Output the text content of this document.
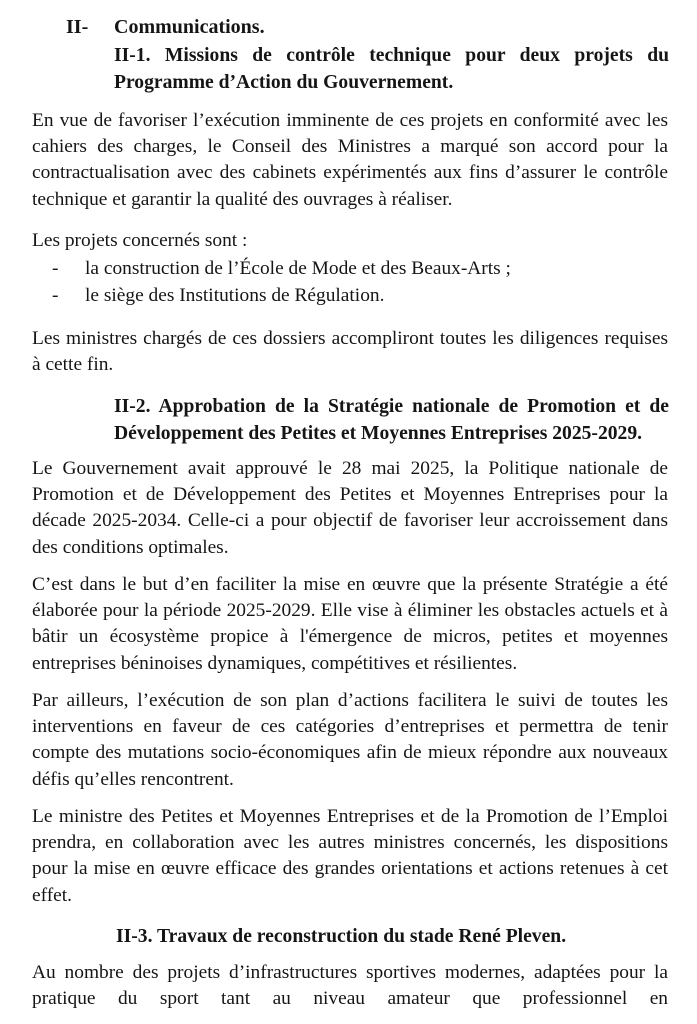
II- Communications.
II-1. Missions de contrôle technique pour deux projets du
Programme d’Action du Gouvernement.

En vue de favoriser l’exécution imminente de ces projets en conformité avec les cahiers des charges, le Conseil des Ministres a marqué son accord pour la contractualisation avec des cabinets expérimentés aux fins d’assurer le contrôle technique et garantir la qualité des ouvrages à réaliser.

Les projets concernés sont :

- la construction de l’École de Mode et des Beaux-Arts ;
- le siège des Institutions de Régulation.

Les ministres chargés de ces dossiers accompliront toutes les diligences requises à cette fin.

II-2. Approbation de la Stratégie nationale de Promotion et de
Développement des Petites et Moyennes Entreprises 2025-2029.

Le Gouvernement avait approuvé le 28 mai 2025, la Politique nationale de Promotion et de Développement des Petites et Moyennes Entreprises pour la décade 2025-2034. Celle-ci a pour objectif de favoriser leur accroissement dans des conditions optimales.

C’est dans le but d’en faciliter la mise en œuvre que la présente Stratégie a été élaborée pour la période 2025-2029. Elle vise à éliminer les obstacles actuels et à bâtir un écosystème propice à l'émergence de micros, petites et moyennes entreprises béninoises dynamiques, compétitives et résilientes.

Par ailleurs, l’exécution de son plan d’actions facilitera le suivi de toutes les interventions en faveur de ces catégories d’entreprises et permettra de tenir compte des mutations socio-économiques afin de mieux répondre aux nouveaux défis qu’elles rencontrent.

Le ministre des Petites et Moyennes Entreprises et de la Promotion de l’Emploi prendra, en collaboration avec les autres ministres concernés, les dispositions pour la mise en œuvre efficace des grandes orientations et actions retenues à cet effet.

II-3. Travaux de reconstruction du stade René Pleven.

Au nombre des projets d’infrastructures sportives modernes, adaptées pour la pratique du sport tant au niveau amateur que professionnel en
